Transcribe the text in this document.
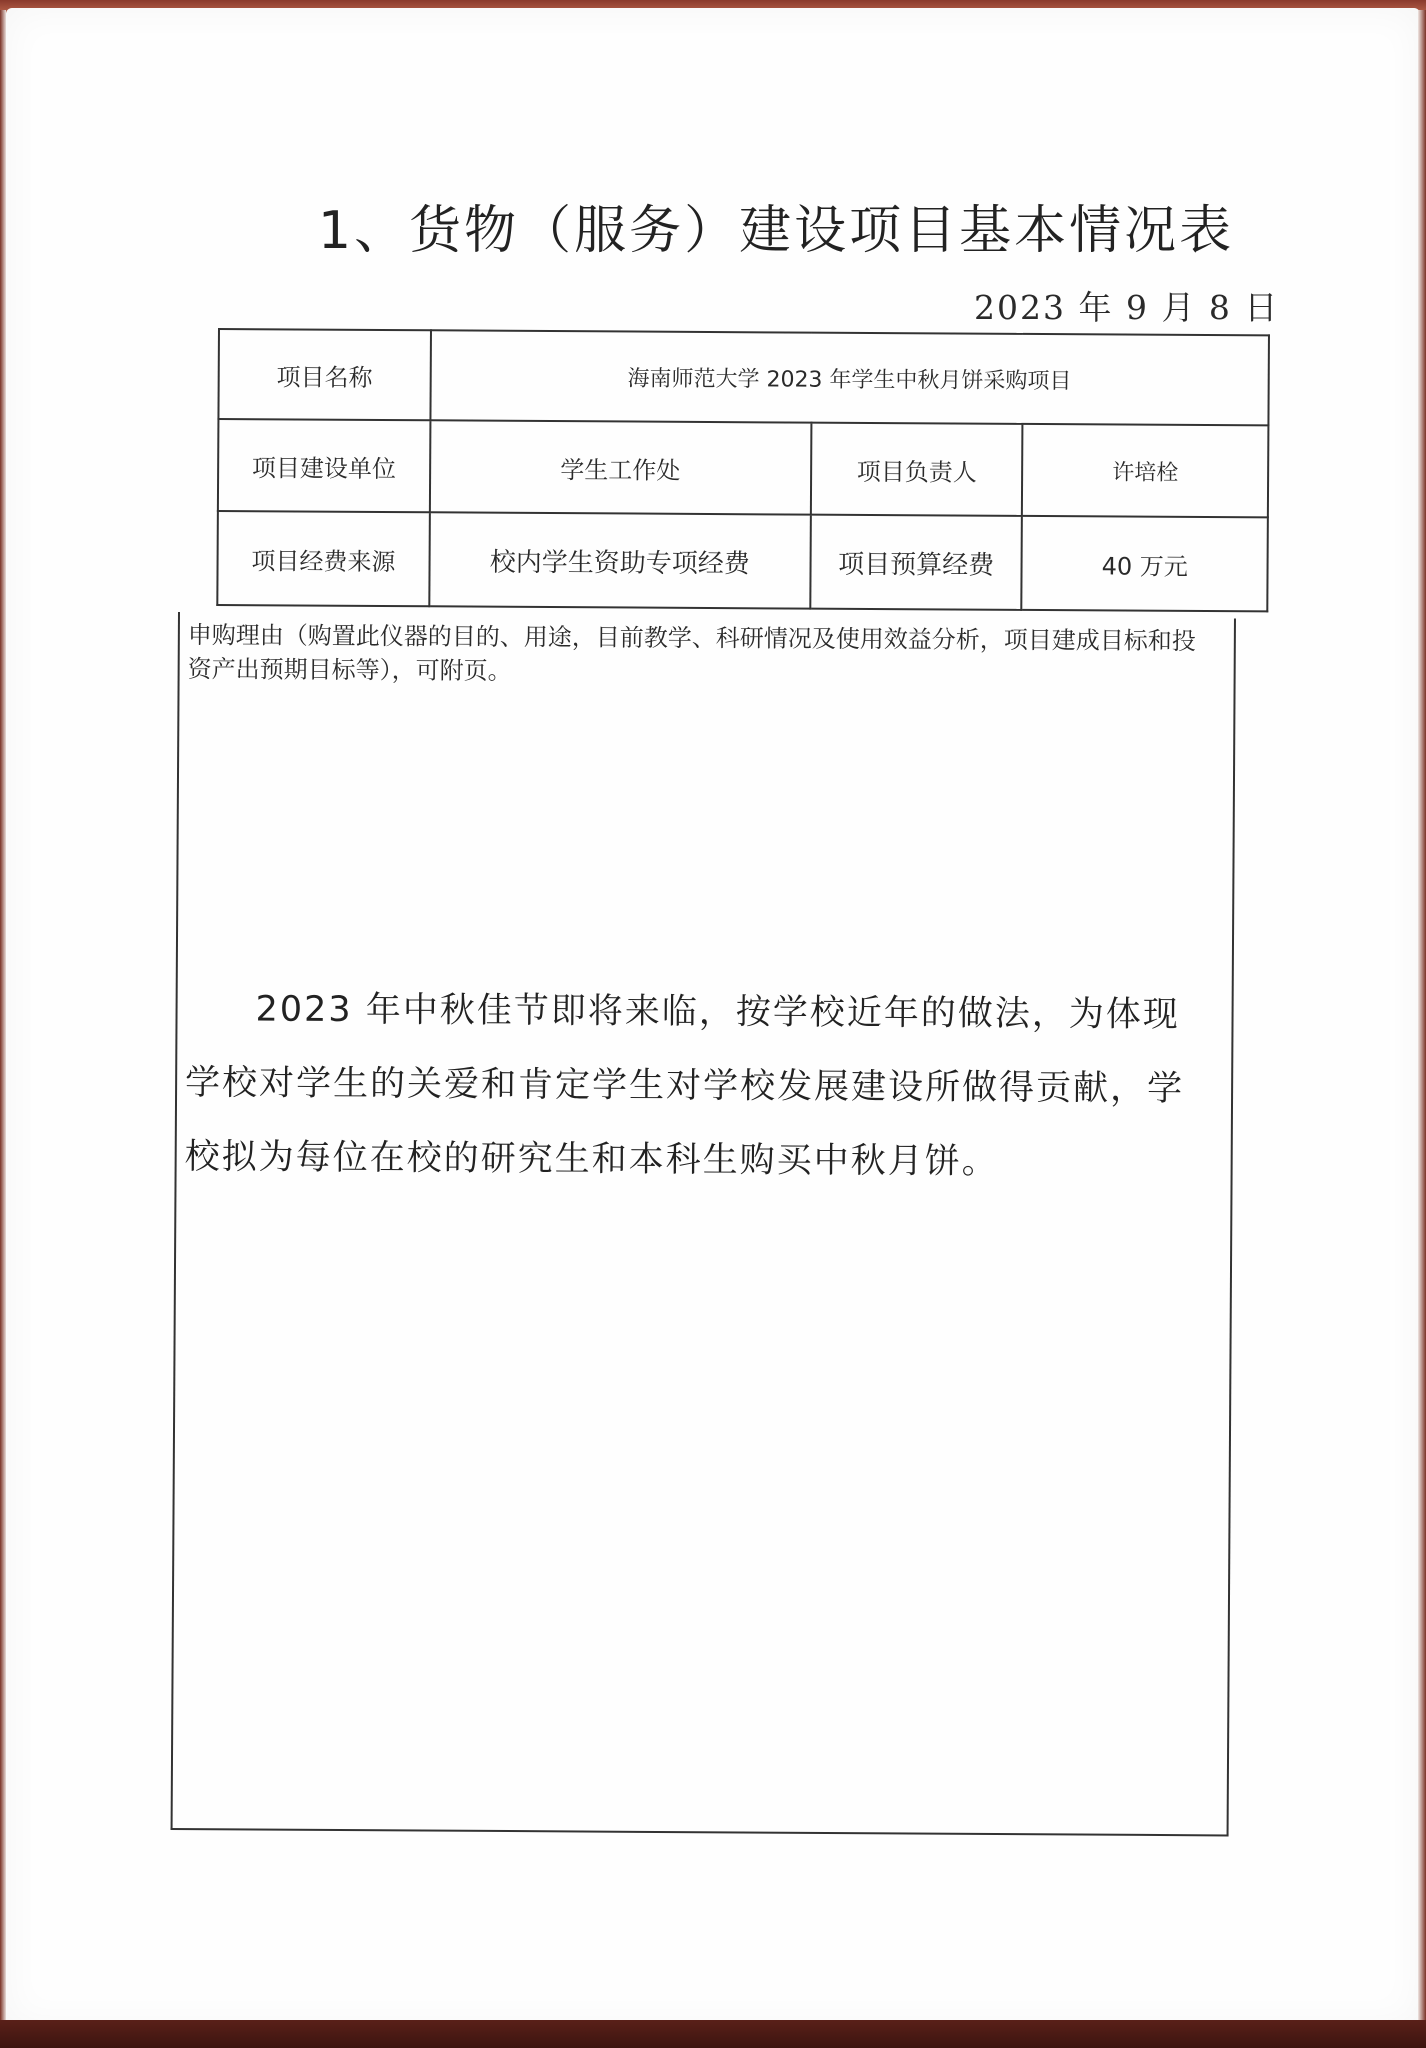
1、货物（服务）建设项目基本情况表
2023 年 9 月 8 日
项目名称	海南师范大学 2023 年学生中秋月饼采购项目		
项目建设单位	学生工作处	项目负责人	许培栓
项目经费来源	校内学生资助专项经费	项目预算经费	40 万元
申购理由（购置此仪器的目的、用途，目前教学、科研情况及使用效益分析，项目建成目标和投资产出预期目标等），可附页。
2023 年中秋佳节即将来临，按学校近年的做法，为体现学校对学生的关爱和肯定学生对学校发展建设所做得贡献，学校拟为每位在校的研究生和本科生购买中秋月饼。
